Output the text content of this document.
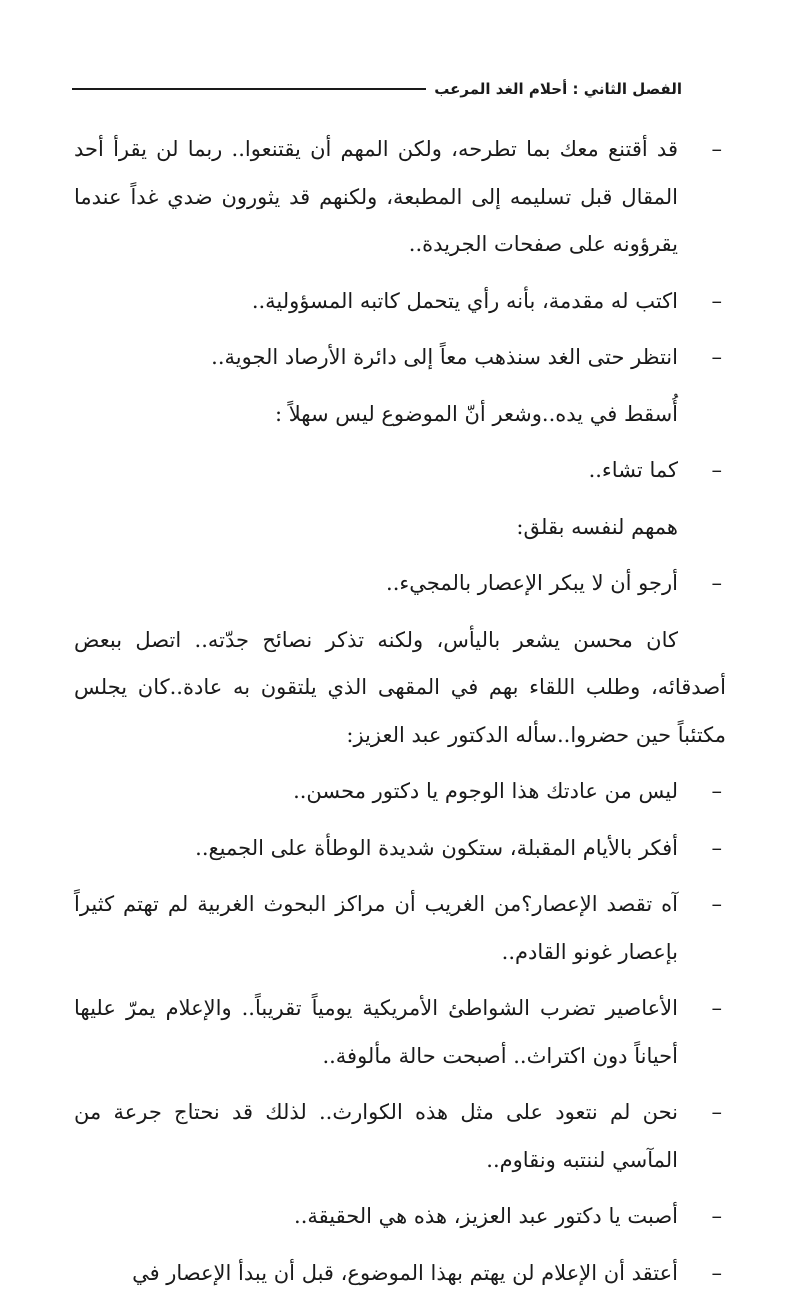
الفصل الثاني : أحلام الغد المرعب
–
قد أقتنع معك بما تطرحه، ولكن المهم أن يقتنعوا.. ربما لن يقرأ أحد المقال قبل تسليمه إلى المطبعة، ولكنهم قد يثورون ضدي غداً عندما يقرؤونه على صفحات الجريدة..
–
اكتب له مقدمة، بأنه رأي يتحمل كاتبه المسؤولية..
–
انتظر حتى الغد سنذهب معاً إلى دائرة الأرصاد الجوية..
أُسقط في يده..وشعر أنّ الموضوع ليس سهلاً :
–
كما تشاء..
همهم لنفسه بقلق:
–
أرجو أن لا يبكر الإعصار بالمجيء..
كان محسن يشعر باليأس، ولكنه تذكر نصائح جدّته.. اتصل ببعض أصدقائه، وطلب اللقاء بهم في المقهى الذي يلتقون به عادة..كان يجلس مكتئباً حين حضروا..سأله الدكتور عبد العزيز:
–
ليس من عادتك هذا الوجوم يا دكتور محسن..
–
أفكر بالأيام المقبلة، ستكون شديدة الوطأة على الجميع..
–
آه تقصد الإعصار؟من الغريب أن مراكز البحوث الغربية لم تهتم كثيراً بإعصار غونو القادم..
–
الأعاصير تضرب الشواطئ الأمريكية يومياً تقريباً.. والإعلام يمرّ عليها أحياناً دون اكتراث.. أصبحت حالة مألوفة..
–
نحن لم نتعود على مثل هذه الكوارث.. لذلك قد نحتاج جرعة من المآسي لننتبه ونقاوم..
–
أصبت يا دكتور عبد العزيز، هذه هي الحقيقة..
–
أعتقد أن الإعلام لن يهتم بهذا الموضوع، قبل أن يبدأ الإعصار في
